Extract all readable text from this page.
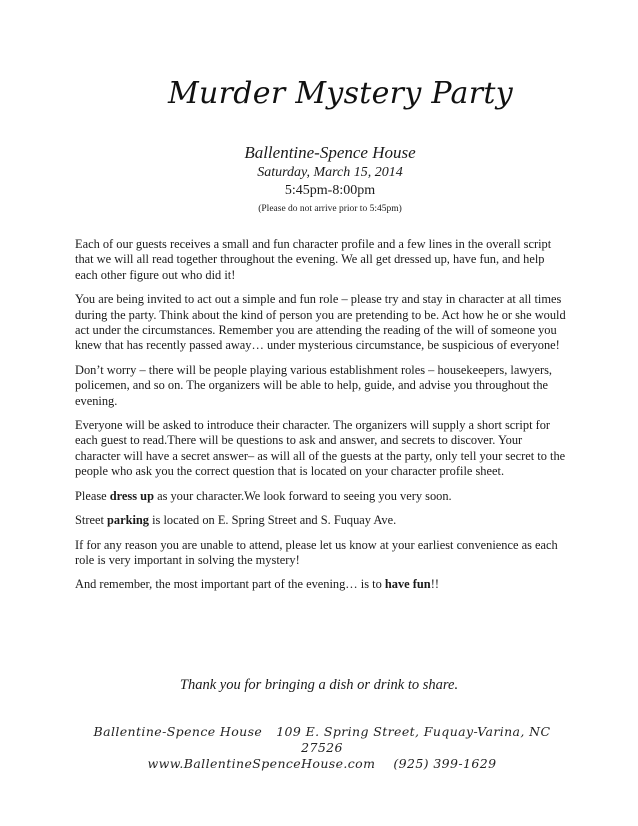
Murder Mystery Party
Ballentine-Spence House
Saturday, March 15, 2014
5:45pm-8:00pm
(Please do not arrive prior to 5:45pm)

Each of our guests receives a small and fun character profile and a few lines in the overall script that we will all read together throughout the evening. We all get dressed up, have fun, and help each other figure out who did it!

You are being invited to act out a simple and fun role – please try and stay in character at all times during the party. Think about the kind of person you are pretending to be. Act how he or she would act under the circumstances. Remember you are attending the reading of the will of someone you knew that has recently passed away… under mysterious circumstance, be suspicious of everyone!

Don’t worry – there will be people playing various establishment roles – housekeepers, lawyers, policemen, and so on. The organizers will be able to help, guide, and advise you throughout the evening.

Everyone will be asked to introduce their character. The organizers will supply a short script for each guest to read.There will be questions to ask and answer, and secrets to discover. Your character will have a secret answer– as will all of the guests at the party, only tell your secret to the people who ask you the correct question that is located on your character profile sheet.

Please dress up as your character.We look forward to seeing you very soon.

Street parking is located on E. Spring Street and S. Fuquay Ave.

If for any reason you are unable to attend, please let us know at your earliest convenience as each role is very important in solving the mystery!

And remember, the most important part of the evening… is to have fun!!

Thank you for bringing a dish or drink to share.
Ballentine-Spence House 109 E. Spring Street, Fuquay-Varina, NC
27526
www.BallentineSpenceHouse.com (925) 399-1629
